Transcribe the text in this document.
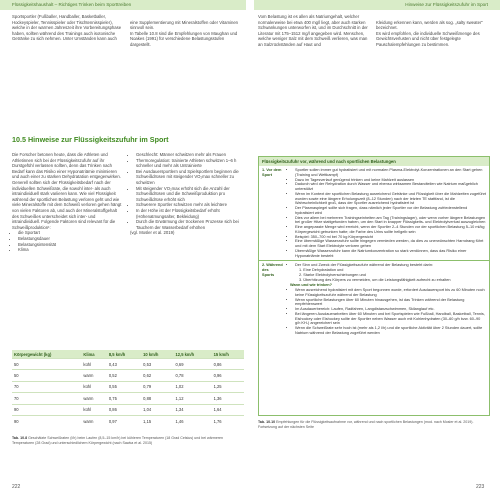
Flüssigkeitshaushalt – Richtiges Trinken beim Sporttreiben	Hinweise zur Flüssigkeitszufuhr im Sport

Sportsportler (Fußballer, Handballer, Basketballer, Hockeyspieler, Tennisspieler oder Tischtennisspieler), welche in der warmen Jahreszeit ihre Vorbereitungsphase haben, sollten während des Trainings auch isotonische Getränke zu sich nehmen. Unter Umständen kann auch

eine Supplementierung mit Mineralstoffen oder Vitaminen sinnvoll sein.
In Tabelle 10.8 sind die Empfehlungen von Maughan und Noakes (1991) für verschiedene Belastungsstufen dargestellt.

10.5 Hinweise zur Flüssigkeitszufuhr im Sport

Die Forscher betonen heute, dass die Athleten und Athletinnen sich bei der Flüssigkeitszufuhr auf ihr Durstgefühl verlassen sollten, denn das Trinken nach Bedarf kann das Risiko einer Hyponatriämie minimieren und auch einer zu starken Dehydratation entgegenwirken. Generell sollten sich der Flüssigkeitsbedarf nach der individuellen Schweißrate, die sowohl inter- als auch intraindividuell stark variieren kann. Wie viel Flüssigkeit während der sportlichen Belastung verloren geht und wie viele Mineralstoffe mit dem Schweiß verloren gehen hängt von vielen Faktoren ab, und auch der Mineralstoffgehalt des Schweißes unterscheidet sich inter- und intraindividuell. Folgende Faktoren sind relevant für die Schweißproduktion¹:

• die Sportart
• Belastungsdauer
• Belastungsintensität
• Klima
• Geschlecht: Männer schwitzen mehr als Frauen
• Thermoregulation: trainierte Athleten schwitzen 1–6 h schneller und mehr als Untrainierte
• Bei Ausdauersportlern und Spielsportlern beginnen die Schweißdrüsen mit steigender VO₂max schneller zu schwitzen
• Mit steigender VO₂max erhöht sich die Anzahl der Schweißdrüsen und die Schweißproduktion pro Schweißdrüse erhöht sich
• Schwerere Sportler schwitzen mehr als leichtere
• In der Höhe ist der Flüssigkeitsbedarf erhöht (Höhenatmungsalter, Bekleidung)
• Durch die Erwärmung der trockenen Prozesse sich bei Tauchern der Wasserbedarf erhöhen

(vgl. Mosler et al. 2019)

Körpergewicht (kg)	Klima	8,5 km/h	10 km/h	12,5 km/h	15 km/h
50	kühl	0,43	0,53	0,69	0,86
50	warm	0,52	0,62	0,78	0,96
70	kühl	0,55	0,79	1,02	1,25
70	warm	0,75	0,88	1,12	1,36
90	kühl	0,86	1,04	1,34	1,64
90	warm	0,97	1,15	1,46	1,76
Tab. 10.8 Geschätzte Schweißraten (l/h) beim Laufen (8,5–15 km/h) bei kühleren Temperaturen (18 Grad Celsius) und bei wärmeren Temperaturen (28 Grad) und unterschiedlichem Körpergewicht (nach Sawka et al. 2015)
222

Vom Belastung ist es allen als Natriumgehalt, welcher normalerweise bei etwa 400 mg/l liegt, aber auch starken Schwankungen unterworfen ist, und im Durchschnitt in der Literatur mit 175–1512 mg/l angegeben wird. Menschen, welche weniger Salz mit dem Schweiß verlieren, was man an Salzrückständen auf Haut und

Kleidung erkennen kann, werden als sog. „salty sweater“ bezeichnet.
Es wird empfohlen, die individuelle Schweißmenge des Gewichtsverlusten und nicht über festgelegte Pauschalempfehlungen zu bestimmen.

Flüssigkeitszufuhr vor, während und nach sportlichen Belastungen
1. Vor dem
Sport
• Sportler sollen immer gut hydratisiert und mit normalen Plasma-Elektrolyt-Konzentrationen an den Start gehen (Training und Wettkampf)
• Dazu im Tagesverlauf genügend trinken und keine Mahlzeit auslassen
• Dadurch wird der Rehydration durch Wasser und ebenso wirksamen Bestandteilen wie Natrium maßgeblich unterstützt
• Wenn im Kontext der sportlichen Belastung ausreichend Getränke und Flüssigkeit über die Mahlzeiten zugeführt wurden sowie eine längere Erholungszeit (8–12 Stunden) nach der letzten TE stattfand, ist die Wahrscheinlichkeit groß, dass der Sportler ausreichend hydratisiert ist
• Der Plasmaspiegel sollte sich fragen, dass nämlich jeder Sportler vor der Belastung zufriedenstellend hydratisiert wird
• Dies vor allem bei mehreren Trainingseinheiten am Tag (Trainingslager), oder wenn vorher längere Belastungen bei großer Hitze stattgefunden haben, um den Start in knapper Flüssigkeits- und Elektrolytverlust auszugleichen
• Eine angepasste Menge wird erreicht, wenn der Sportler 2–4 Stunden vor der sportlichen Belastung 5–10 ml/kg Körpergewicht getrunken hatte; die Farbe des Urins sollte hellgelb sein
• Beispiel: 350–700 ml bei 70 kg Körpergewicht
• Eine übermäßige Wasserzufuhr sollte hingegen vermieden werden, da dies zu unerwünschten Harndrang führt und mit dem Start Elektrolyte verloren gehen
• Übermäßige Wasserzufuhr kann die Natriumkonzentration so stark verdünnen, dass das Risiko einer Hyponatriämie besteht
2. Während
des
Sports
• Der Sinn und Zweck der Flüssigkeitszufuhr während der Belastung besteht darin:
1. Eine Dehydratation und
2. Starke Elektrolytverschiebungen und
3. Überhitzung des Körpers zu vermeiden, um die Leistungsfähigkeit aufrecht zu erhalten
Wann und wie trinken?
• Wenn ausreichend hydratisiert mit dem Sport begonnen wurde, erfordert Ausdauersport bis zu 60 Minuten noch keine Flüssigkeitszufuhr während der Belastung
• Wenn sportliche Belastungen über 60 Minuten hinausgehen, ist das Trinken während der Belastung empfehlenswert
• Im Ausdauerbereich: Laufen, Radfahren, Langdistanzschwimmen, Skilanglauf etc.
• Bei längeren Ausdauerarbeiten über 60 Minuten und bei Sportspielen wie Fußball, Handball, Basketball, Tennis, Eishockey oder Eishockey sollte der Sportler neben Wasser auch mit Kohlenhydraten (30–60 g/h bzw. 60–90 g/h KH-) angereichert sein
• Wenn die Schweißrate sehr hoch ist (mehr als 1,2 l/h) und die sportliche Aktivität über 2 Stunden dauert, sollte Natrium während der Belastung zugeführt werden
Tab. 10.10 Empfehlungen für die Flüssigkeitsaufnahme vor, während und nach sportlichen Belastungen (mod. nach Mosler et al. 2019). Fortsetzung auf der nächsten Seite
223
